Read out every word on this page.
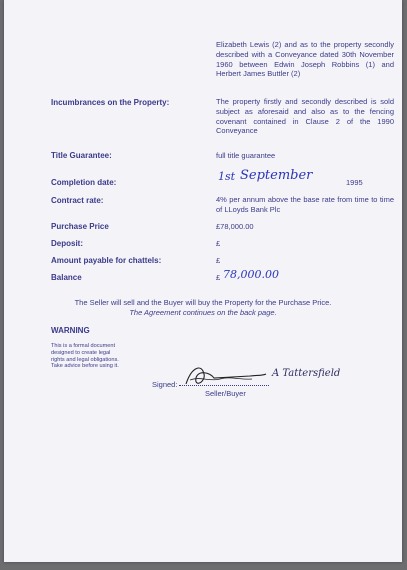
Elizabeth Lewis (2) and as to the property secondly described with a Conveyance dated 30th November 1960 between Edwin Joseph Robbins (1) and Herbert James Buttler (2)
Incumbrances on the Property:	The property firstly and secondly described is sold subject as aforesaid and also as to the fencing covenant contained in Clause 2 of the 1990 Conveyance
Title Guarantee:	full title guarantee
Completion date:	1st September	1995
Contract rate:	4% per annum above the base rate from time to time of LLoyds Bank Plc
Purchase Price	£78,000.00
Deposit:	£
Amount payable for chattels:	£
Balance	£ 78,000.00
The Seller will sell and the Buyer will buy the Property for the Purchase Price.
The Agreement continues on the back page.
WARNING
This is a formal document designed to create legal rights and legal obligations. Take advice before using it.
Signed:
A Tattersfield
Seller/Buyer
